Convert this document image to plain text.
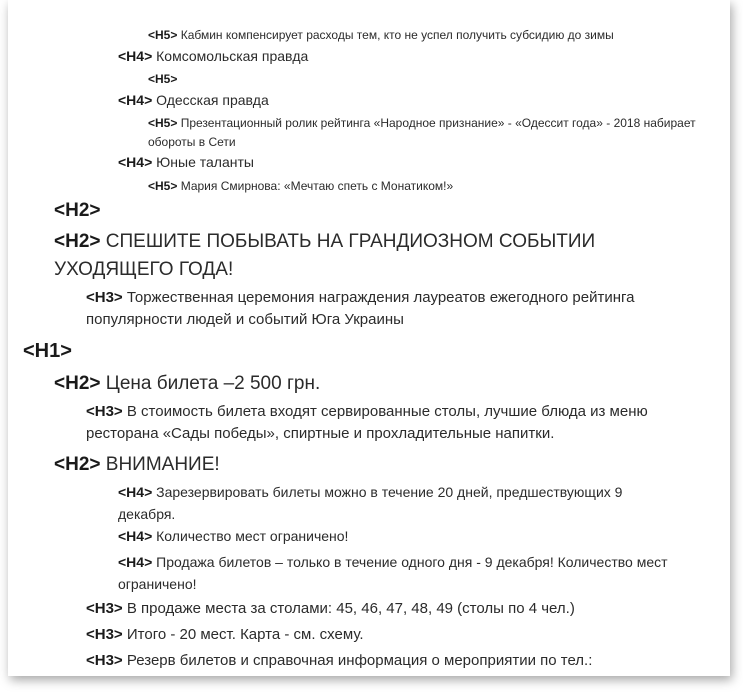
<H5> Кабмин компенсирует расходы тем, кто не успел получить субсидию до зимы
<H4> Комсомольская правда
<H5>
<H4> Одесская правда
<H5> Презентационный ролик рейтинга «Народное признание» - «Одессит года» - 2018 набирает обороты в Сети
<H4> Юные таланты
<H5> Мария Смирнова: «Мечтаю спеть с Монатиком!»
<H2>
<H2> СПЕШИТЕ ПОБЫВАТЬ НА ГРАНДИОЗНОМ СОБЫТИИ УХОДЯЩЕГО ГОДА!
<H3> Торжественная церемония награждения лауреатов ежегодного рейтинга популярности людей и событий Юга Украины
<H1>
<H2> Цена билета –2 500 грн.
<H3> В стоимость билета входят сервированные столы, лучшие блюда из меню ресторана «Сады победы», спиртные и прохладительные напитки.
<H2> ВНИМАНИЕ!
<H4> Зарезервировать билеты можно в течение 20 дней, предшествующих 9 декабря.
<H4> Количество мест ограничено!
<H4> Продажа билетов – только в течение одного дня - 9 декабря! Количество мест ограничено!
<H3> В продаже места за столами: 45, 46, 47, 48, 49 (столы по 4 чел.)
<H3> Итого - 20 мест. Карта - см. схему.
<H3> Резерв билетов и справочная информация о мероприятии по тел.:
